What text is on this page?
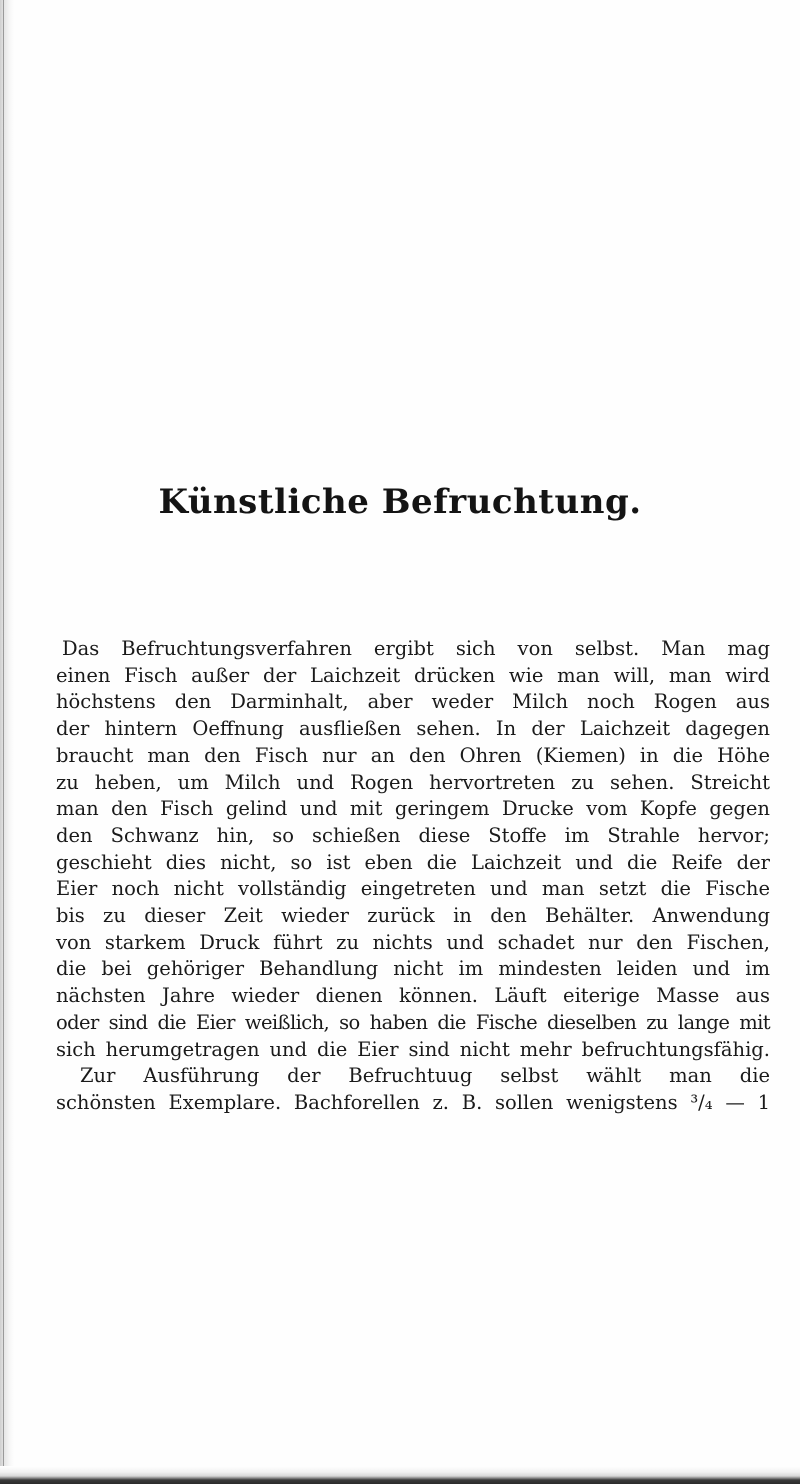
Künstliche Befruchtung.
Das Befruchtungsverfahren ergibt sich von selbst. Man mag
einen Fisch außer der Laichzeit drücken wie man will, man wird
höchstens den Darminhalt, aber weder Milch noch Rogen aus
der hintern Oeffnung ausfließen sehen. In der Laichzeit dagegen
braucht man den Fisch nur an den Ohren (Kiemen) in die Höhe
zu heben, um Milch und Rogen hervortreten zu sehen. Streicht
man den Fisch gelind und mit geringem Drucke vom Kopfe gegen
den Schwanz hin, so schießen diese Stoffe im Strahle hervor;
geschieht dies nicht, so ist eben die Laichzeit und die Reife der
Eier noch nicht vollständig eingetreten und man setzt die Fische
bis zu dieser Zeit wieder zurück in den Behälter. Anwendung
von starkem Druck führt zu nichts und schadet nur den Fischen,
die bei gehöriger Behandlung nicht im mindesten leiden und im
nächsten Jahre wieder dienen können. Läuft eiterige Masse aus
oder sind die Eier weißlich, so haben die Fische dieselben zu lange mit
sich herumgetragen und die Eier sind nicht mehr befruchtungsfähig.
Zur Ausführung der Befruchtuug selbst wählt man die
schönsten Exemplare. Bachforellen z. B. sollen wenigstens ³/₄ — 1
